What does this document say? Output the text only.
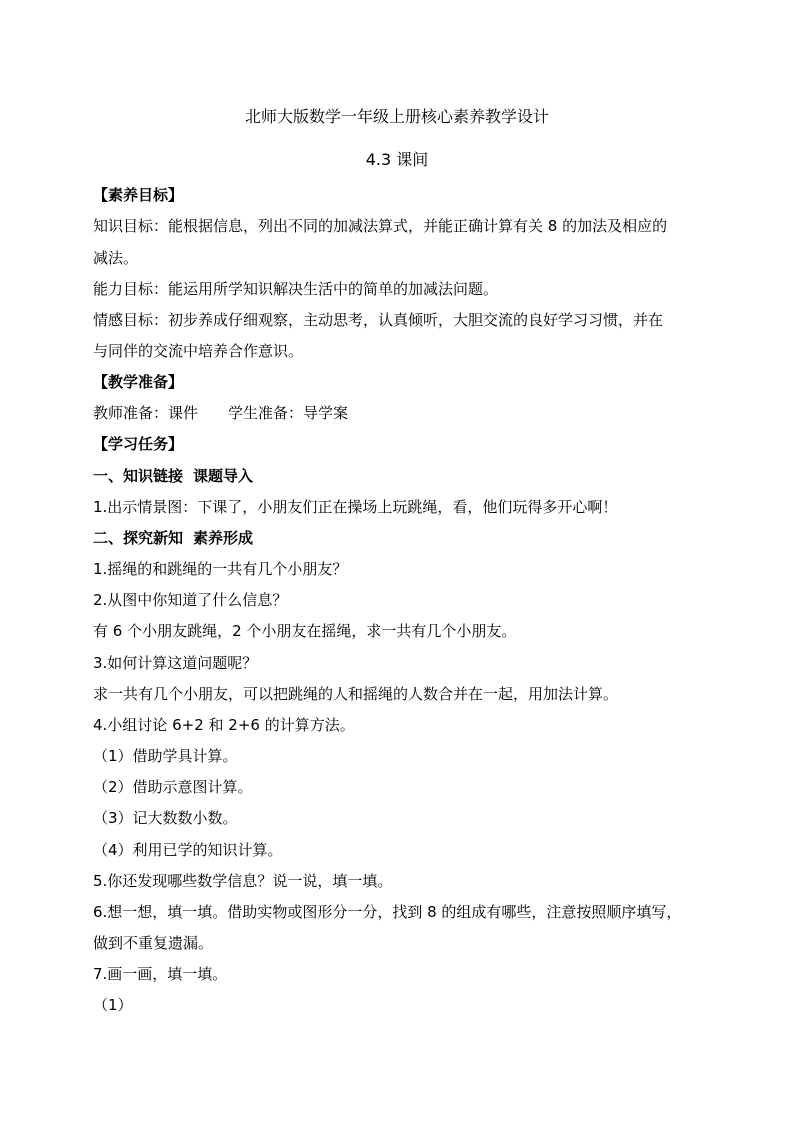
北师大版数学一年级上册核心素养教学设计
4.3 课间
【素养目标】
知识目标：能根据信息，列出不同的加减法算式，并能正确计算有关 8 的加法及相应的
减法。
能力目标：能运用所学知识解决生活中的简单的加减法问题。
情感目标：初步养成仔细观察，主动思考，认真倾听，大胆交流的良好学习习惯，并在
与同伴的交流中培养合作意识。
【教学准备】
教师准备：课件 学生准备：导学案
【学习任务】
一、知识链接 课题导入
1.出示情景图：下课了，小朋友们正在操场上玩跳绳，看，他们玩得多开心啊！
二、探究新知 素养形成
1.摇绳的和跳绳的一共有几个小朋友？
2.从图中你知道了什么信息？
有 6 个小朋友跳绳，2 个小朋友在摇绳，求一共有几个小朋友。
3.如何计算这道问题呢？
求一共有几个小朋友，可以把跳绳的人和摇绳的人数合并在一起，用加法计算。
4.小组讨论 6+2 和 2+6 的计算方法。
（1）借助学具计算。
（2）借助示意图计算。
（3）记大数数小数。
（4）利用已学的知识计算。
5.你还发现哪些数学信息？说一说，填一填。
6.想一想，填一填。借助实物或图形分一分，找到 8 的组成有哪些，注意按照顺序填写，
做到不重复遗漏。
7.画一画，填一填。
（1）
